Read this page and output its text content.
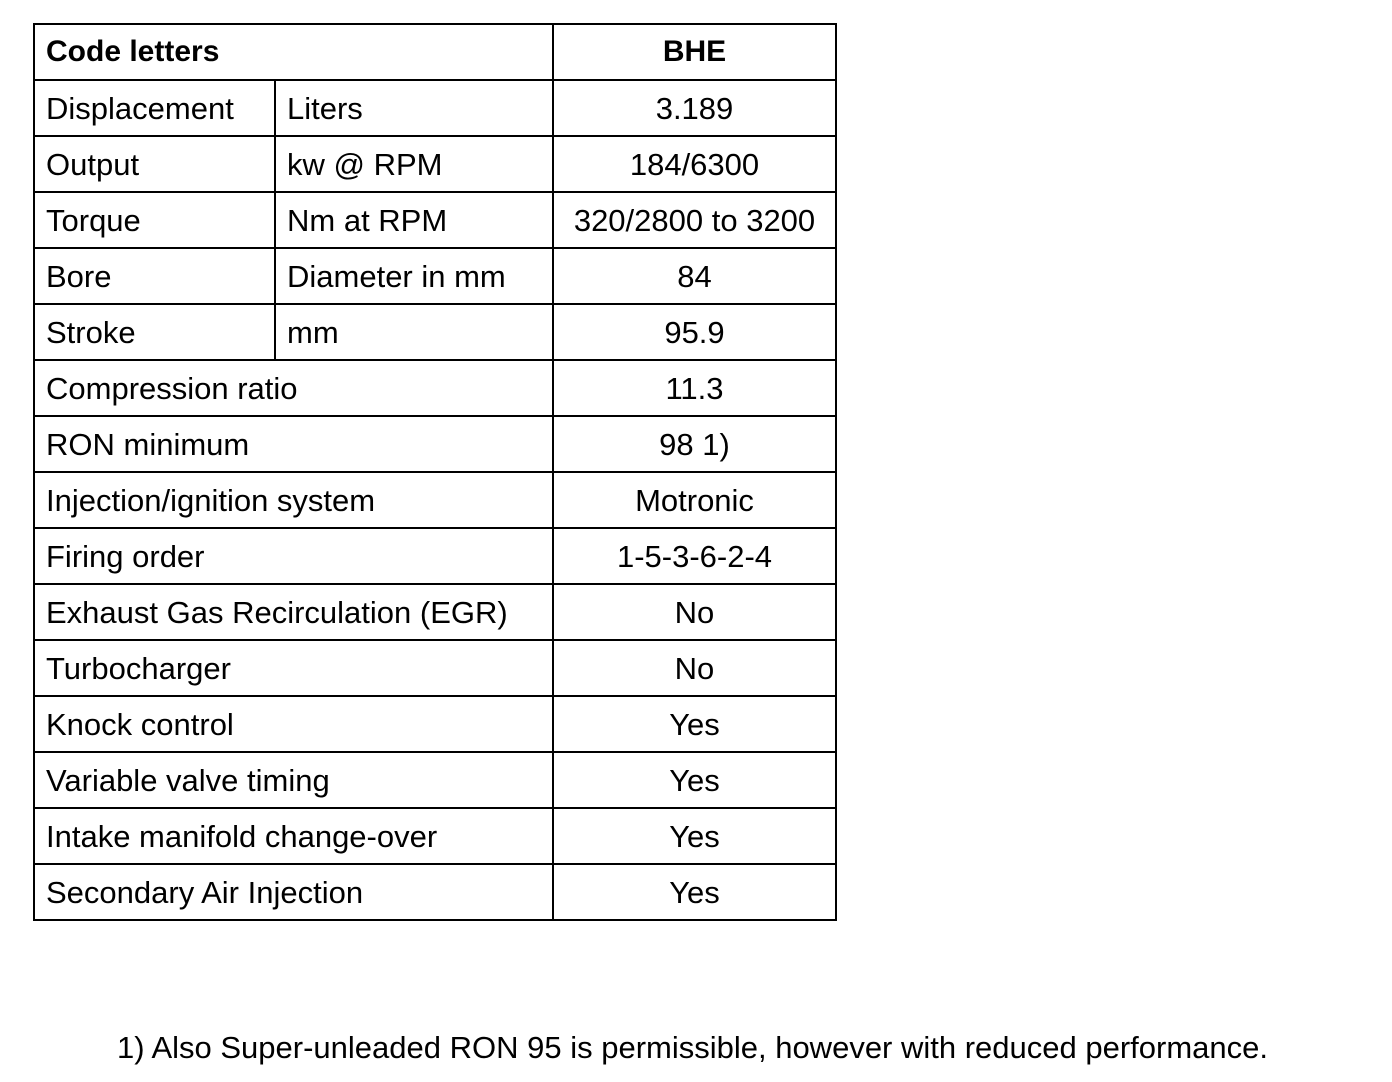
Code letters		BHE
Displacement	Liters	3.189
Output	kw @ RPM	184/6300
Torque	Nm at RPM	320/2800 to 3200
Bore	Diameter in mm	84
Stroke	mm	95.9
Compression ratio		11.3
RON minimum		98 1)
Injection/ignition system		Motronic
Firing order		1-5-3-6-2-4
Exhaust Gas Recirculation (EGR)		No
Turbocharger		No
Knock control		Yes
Variable valve timing		Yes
Intake manifold change-over		Yes
Secondary Air Injection		Yes
1) Also Super-unleaded RON 95 is permissible, however with reduced performance.
